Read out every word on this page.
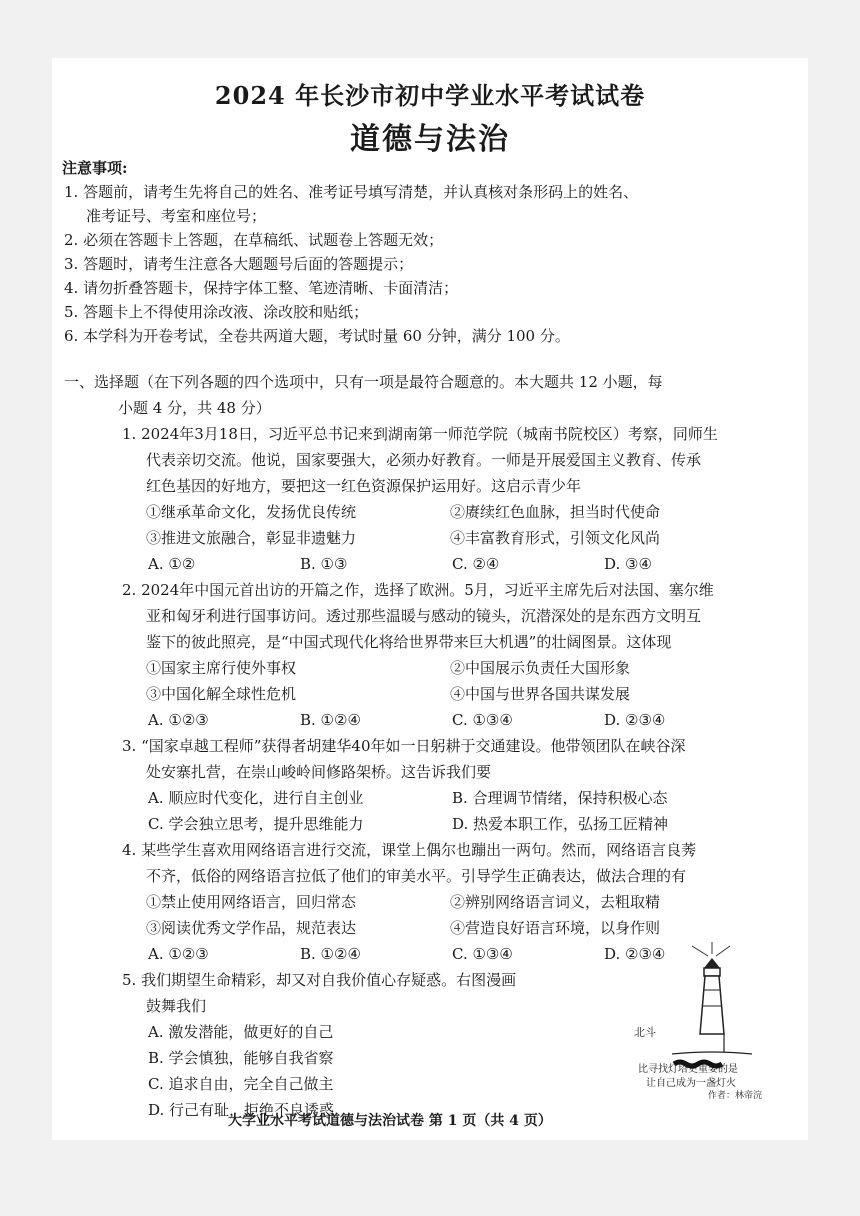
2024 年长沙市初中学业水平考试试卷
道德与法治
注意事项:
1. 答题前，请考生先将自己的姓名、准考证号填写清楚，并认真核对条形码上的姓名、
准考证号、考室和座位号；
2. 必须在答题卡上答题，在草稿纸、试题卷上答题无效；
3. 答题时，请考生注意各大题题号后面的答题提示；
4. 请勿折叠答题卡，保持字体工整、笔迹清晰、卡面清洁；
5. 答题卡上不得使用涂改液、涂改胶和贴纸；
6. 本学科为开卷考试，全卷共两道大题，考试时量 60 分钟，满分 100 分。
一、选择题（在下列各题的四个选项中，只有一项是最符合题意的。本大题共 12 小题，每
小题 4 分，共 48 分）
1. 2024年3月18日，习近平总书记来到湖南第一师范学院（城南书院校区）考察，同师生
代表亲切交流。他说，国家要强大，必须办好教育。一师是开展爱国主义教育、传承
红色基因的好地方，要把这一红色资源保护运用好。这启示青少年
①继承革命文化，发扬优良传统	②赓续红色血脉，担当时代使命
③推进文旅融合，彰显非遗魅力	④丰富教育形式，引领文化风尚
A. ①②	B. ①③	C. ②④	D. ③④
2. 2024年中国元首出访的开篇之作，选择了欧洲。5月，习近平主席先后对法国、塞尔维
亚和匈牙利进行国事访问。透过那些温暖与感动的镜头，沉潜深处的是东西方文明互
鉴下的彼此照亮，是“中国式现代化将给世界带来巨大机遇”的壮阔图景。这体现
①国家主席行使外事权	②中国展示负责任大国形象
③中国化解全球性危机	④中国与世界各国共谋发展
A. ①②③	B. ①②④	C. ①③④	D. ②③④
3. “国家卓越工程师”获得者胡建华40年如一日躬耕于交通建设。他带领团队在峡谷深
处安寨扎营，在崇山峻岭间修路架桥。这告诉我们要
A. 顺应时代变化，进行自主创业	B. 合理调节情绪，保持积极心态
C. 学会独立思考，提升思维能力	D. 热爱本职工作，弘扬工匠精神
4. 某些学生喜欢用网络语言进行交流，课堂上偶尔也蹦出一两句。然而，网络语言良莠
不齐，低俗的网络语言拉低了他们的审美水平。引导学生正确表达，做法合理的有
①禁止使用网络语言，回归常态	②辨别网络语言词义，去粗取精
③阅读优秀文学作品，规范表达	④营造良好语言环境，以身作则
A. ①②③	B. ①②④	C. ①③④	D. ②③④
5. 我们期望生命精彩，却又对自我价值心存疑惑。右图漫画
鼓舞我们
A. 激发潜能，做更好的自己
B. 学会慎独，能够自我省察
C. 追求自由，完全自己做主
D. 行己有耻，拒绝不良诱惑
北斗
比寻找灯塔更重要的是
让自己成为一盏灯火
作者：林帝浣
大学业水平考试道德与法治试卷 第 1 页（共 4 页）
